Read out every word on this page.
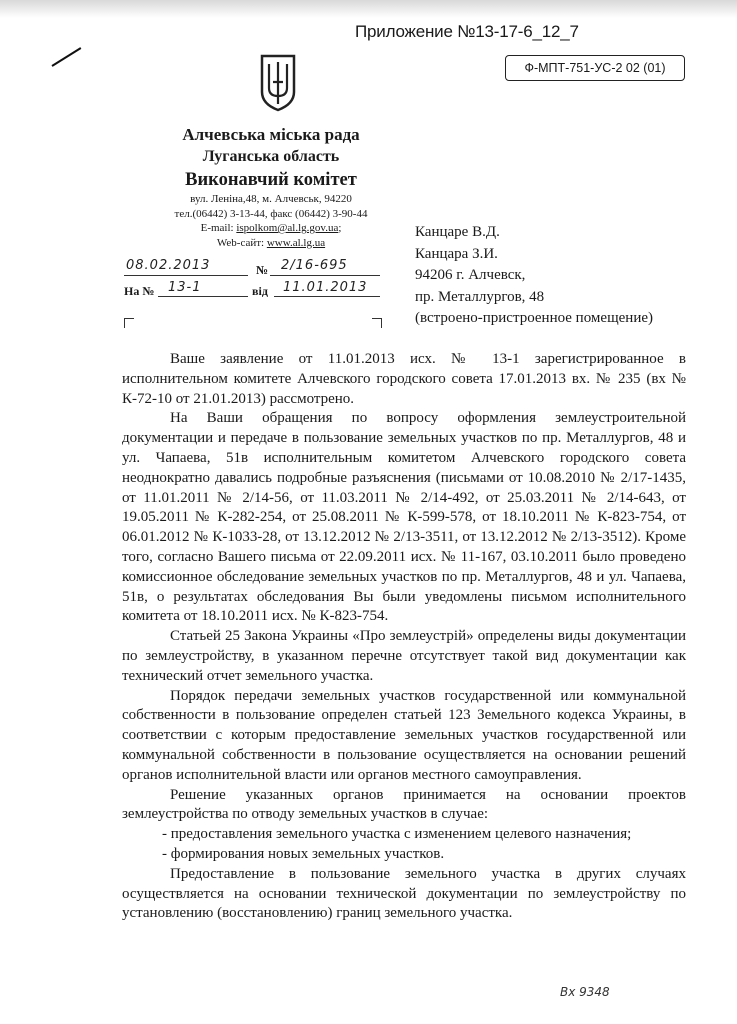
Приложение №13-17-6_12_7
Ф-МПТ-751-УС-2 02 (01)
Алчевська міська рада
Луганська область
Виконавчий комітет
вул. Леніна,48, м. Алчевськ, 94220
тел.(06442) 3-13-44, факс (06442) 3-90-44
E-mail: ispolkom@al.lg.gov.ua;
Web-сайт: www.al.lg.ua
Канцаре В.Д.
Канцара З.И.
94206 г. Алчевск,
пр. Металлургов, 48
(встроено-пристроенное помещение)
08.02.2013	№ 2/16-695
На № 13-1	від 11.01.2013

Ваше заявление от 11.01.2013 исх. № 13-1 зарегистрированное в исполнительном комитете Алчевского городского совета 17.01.2013 вх. № 235 (вх № К-72-10 от 21.01.2013) рассмотрено.

На Ваши обращения по вопросу оформления землеустроительной документации и передаче в пользование земельных участков по пр. Металлургов, 48 и ул. Чапаева, 51в исполнительным комитетом Алчевского городского совета неоднократно давались подробные разъяснения (письмами от 10.08.2010 № 2/17-1435, от 11.01.2011 № 2/14-56, от 11.03.2011 № 2/14-492, от 25.03.2011 № 2/14-643, от 19.05.2011 № К-282-254, от 25.08.2011 № К-599-578, от 18.10.2011 № К-823-754, от 06.01.2012 № К-1033-28, от 13.12.2012 № 2/13-3511, от 13.12.2012 № 2/13-3512). Кроме того, согласно Вашего письма от 22.09.2011 исх. № 11-167, 03.10.2011 было проведено комиссионное обследование земельных участков по пр. Металлургов, 48 и ул. Чапаева, 51в, о результатах обследования Вы были уведомлены письмом исполнительного комитета от 18.10.2011 исх. № К-823-754.

Статьей 25 Закона Украины «Про землеустрій» определены виды документации по землеустройству, в указанном перечне отсутствует такой вид документации как технический отчет земельного участка.

Порядок передачи земельных участков государственной или коммунальной собственности в пользование определен статьей 123 Земельного кодекса Украины, в соответствии с которым предоставление земельных участков государственной или коммунальной собственности в пользование осуществляется на основании решений органов исполнительной власти или органов местного самоуправления.

Решение указанных органов принимается на основании проектов землеустройства по отводу земельных участков в случае:

- предоставления земельного участка с изменением целевого назначения;

- формирования новых земельных участков.

Предоставление в пользование земельного участка в других случаях осуществляется на основании технической документации по землеустройству по установлению (восстановлению) границ земельного участка.

Вх 9348
